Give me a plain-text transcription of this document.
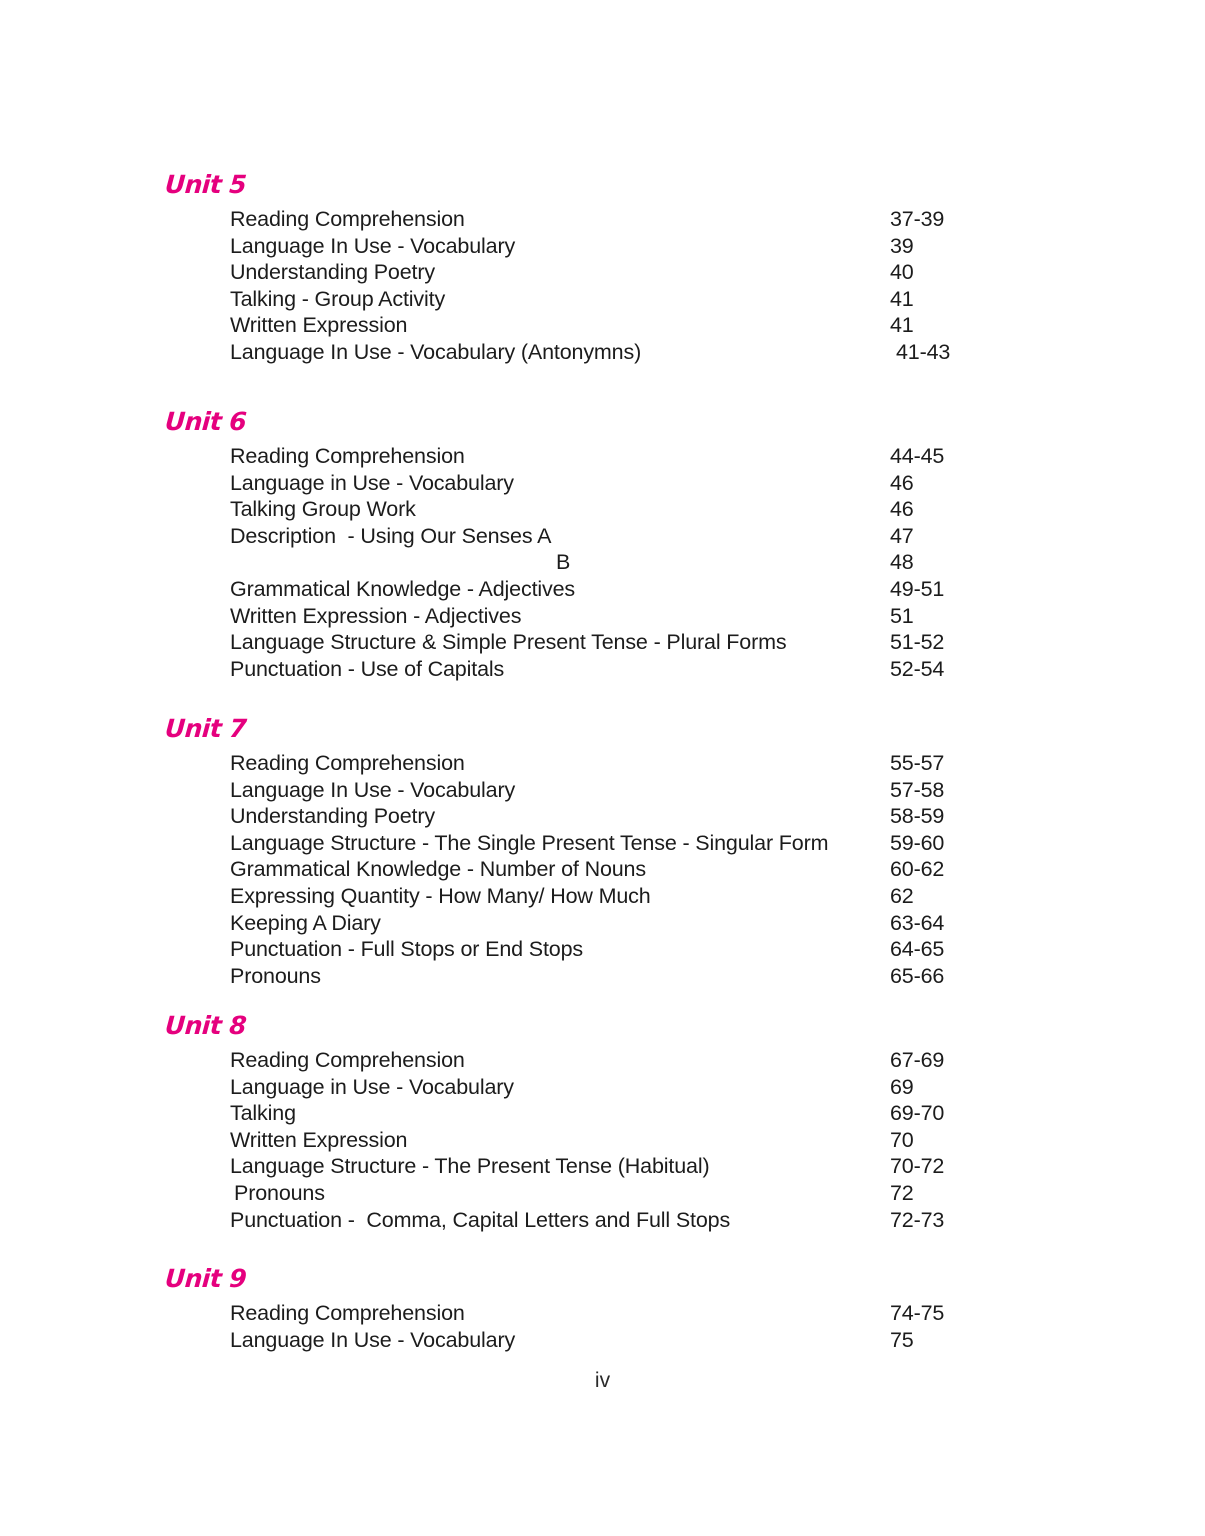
Unit 5
Reading Comprehension	37-39
Language In Use - Vocabulary	39
Understanding Poetry	40
Talking - Group Activity	41
Written Expression	41
Language In Use - Vocabulary (Antonymns)	41-43
Unit 6
Reading Comprehension	44-45
Language in Use - Vocabulary	46
Talking Group Work	46
Description  - Using Our Senses A	47
B	48
Grammatical Knowledge - Adjectives	49-51
Written Expression - Adjectives	51
Language Structure & Simple Present Tense - Plural Forms	51-52
Punctuation - Use of Capitals	52-54
Unit 7
Reading Comprehension	55-57
Language In Use - Vocabulary	57-58
Understanding Poetry	58-59
Language Structure - The Single Present Tense - Singular Form	59-60
Grammatical Knowledge - Number of Nouns	60-62
Expressing Quantity - How Many/ How Much	62
Keeping A Diary	63-64
Punctuation - Full Stops or End Stops	64-65
Pronouns	65-66
Unit 8
Reading Comprehension	67-69
Language in Use - Vocabulary	69
Talking	69-70
Written Expression	70
Language Structure - The Present Tense (Habitual)	70-72
Pronouns	72
Punctuation -  Comma, Capital Letters and Full Stops	72-73
Unit 9
Reading Comprehension	74-75
Language In Use - Vocabulary	75
iv
